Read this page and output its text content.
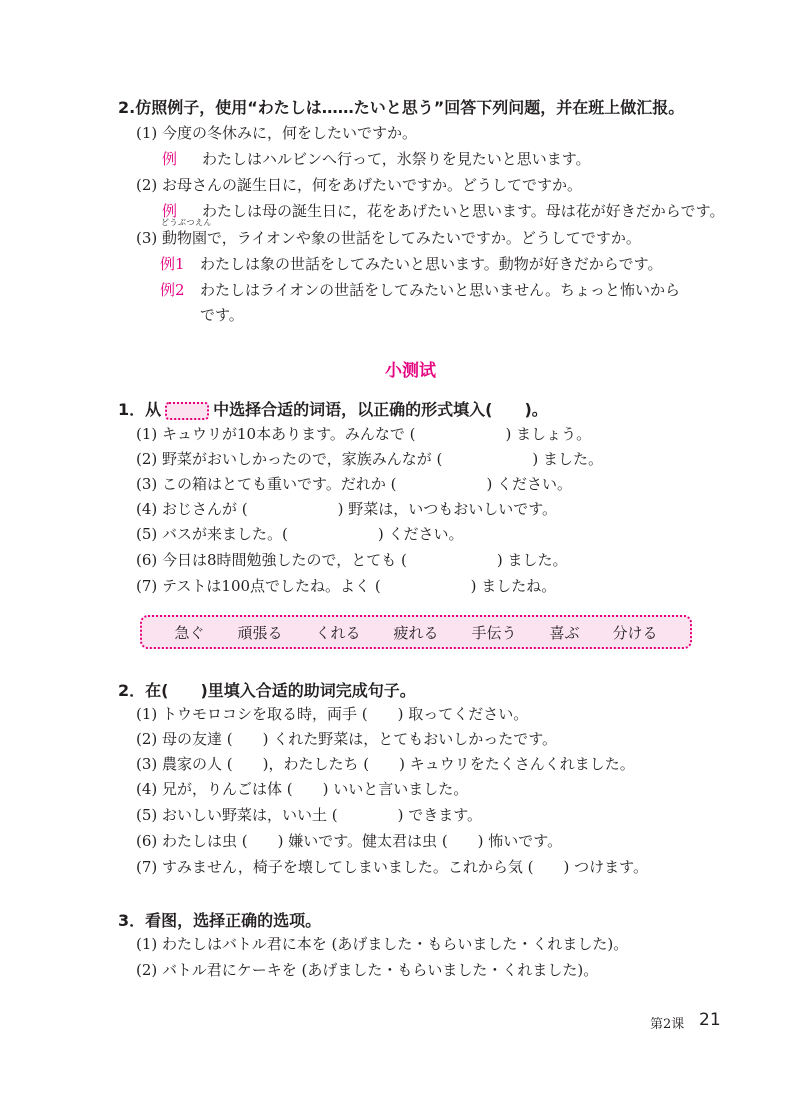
2.仿照例子，使用“わたしは……たいと思う”回答下列问题，并在班上做汇报。
(1) 今度の冬休みに，何をしたいですか。
例 わたしはハルビンへ行って，氷祭りを見たいと思います。
(2) お母さんの誕生日に，何をあげたいですか。どうしてですか。
例 わたしは母の誕生日に，花をあげたいと思います。母は花が好きだからです。
どうぶつえん
(3) 動物園で，ライオンや象の世話をしてみたいですか。どうしてですか。
例1 わたしは象の世話をしてみたいと思います。動物が好きだからです。
例2 わたしはライオンの世話をしてみたいと思いません。ちょっと怖いから
です。
小测试
1．从	中选择合适的词语，以正确的形式填入(　　)。
(1) キュウリが10本あります。みんなで (　　　　　　) ましょう。
(2) 野菜がおいしかったので，家族みんなが (　　　　　　) ました。
(3) この箱はとても重いです。だれか (　　　　　　) ください。
(4) おじさんが (　　　　　　) 野菜は，いつもおいしいです。
(5) バスが来ました。(　　　　　　) ください。
(6) 今日は8時間勉強したので，とても (　　　　　　) ました。
(7) テストは100点でしたね。よく (　　　　　　) ましたね。
急ぐ 頑張る くれる 疲れる 手伝う 喜ぶ 分ける
2．在(　　)里填入合适的助词完成句子。
(1) トウモロコシを取る時，両手 (　　) 取ってください。
(2) 母の友達 (　　) くれた野菜は，とてもおいしかったです。
(3) 農家の人 (　　)，わたしたち (　　) キュウリをたくさんくれました。
(4) 兄が，りんごは体 (　　) いいと言いました。
(5) おいしい野菜は，いい土 (　　　　) できます。
(6) わたしは虫 (　　) 嫌いです。健太君は虫 (　　) 怖いです。
(7) すみません，椅子を壊してしまいました。これから気 (　　) つけます。
3．看图，选择正确的选项。
(1) わたしはバトル君に本を (あげました・もらいました・くれました)。
(2) バトル君にケーキを (あげました・もらいました・くれました)。
第2课 21
